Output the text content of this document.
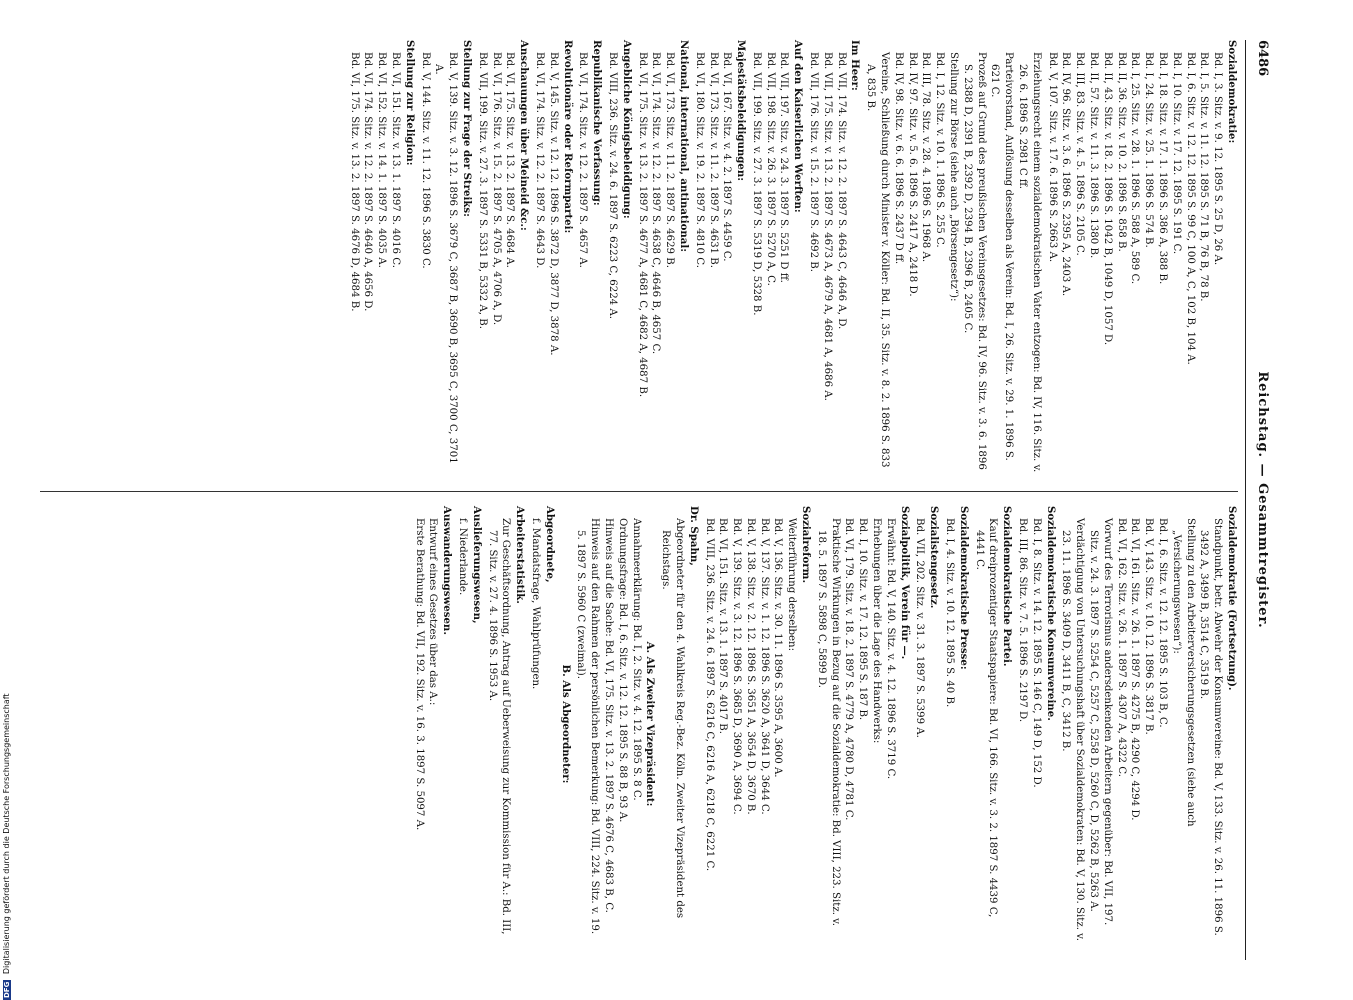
6486
Reichstag. — Gesammtregister.
Sozialdemokratie:
Bd. I, 3. Sitz. v. 9. 12. 1895 S. 25 D, 26 A.
Bd. I, 5. Sitz. v. 11. 12. 1895 S. 71 B, 76 B, 78 B.
Bd. I, 6. Sitz. v. 12. 12. 1895 S. 99 C, 100 A, C, 102 B, 104 A.
Bd. I, 10. Sitz. v. 17. 12. 1895 S. 191 C.
Bd. I, 18. Sitz. v. 17. 1. 1896 S. 386 A, 388 B.
Bd. I, 24. Sitz. v. 25. 1. 1896 S. 574 B.
Bd. I, 25. Sitz. v. 28. 1. 1896 S. 588 A, 589 C.
Bd. II, 36. Sitz. v. 10. 2. 1896 S. 858 B.
Bd. II, 43. Sitz. v. 18. 2. 1896 S. 1042 B, 1049 D, 1057 D.
Bd. II, 57. Sitz. v. 11. 3. 1896 S. 1380 B.
Bd. III, 83. Sitz. v. 4. 5. 1896 S. 2105 C.
Bd. IV, 96. Sitz. v. 3. 6. 1896 S. 2395 A, 2403 A.
Bd. V, 107. Sitz. v. 17. 6. 1896 S. 2663 A.
Erziehungsrecht einem sozialdemokratischen Vater entzogen: Bd. IV, 116. Sitz. v. 26. 6. 1896 S. 2981 C ff.
Parteivorstand, Auflösung desselben als Verein: Bd. I, 26. Sitz. v. 29. 1. 1896 S. 621 C.
Prozeß auf Grund des preußischen Vereinsgesetzes: Bd. IV, 96. Sitz. v. 3. 6. 1896 S. 2388 D, 2391 B, 2392 D, 2394 B, 2396 B, 2405 C.
Stellung zur Börse (siehe auch „Börsengesetz“):
Bd. I, 12. Sitz. v. 10. 1. 1896 S. 255 C.
Bd. III, 78. Sitz. v. 28. 4. 1896 S. 1968 A.
Bd. IV, 97. Sitz. v. 5. 6. 1896 S. 2417 A, 2418 D.
Bd. IV, 98. Sitz. v. 6. 6. 1896 S. 2437 D ff.
Vereine, Schließung durch Minister v. Köller: Bd. II, 35. Sitz. v. 8. 2. 1896 S. 833 A, 835 B.
Im Heer:
Bd. VII, 174. Sitz. v. 12. 2. 1897 S. 4643 C, 4646 A, D.
Bd. VII, 175. Sitz. v. 13. 2. 1897 S. 4673 A, 4679 A, 4681 A, 4686 A.
Bd. VII, 176. Sitz. v. 15. 2. 1897 S. 4692 B.
Auf den Kaiserlichen Werften:
Bd. VII, 197. Sitz. v. 24. 3. 1897 S. 5251 D ff.
Bd. VII, 198. Sitz. v. 26. 3. 1897 S. 5270 A, C.
Bd. VII, 199. Sitz. v. 27. 3. 1897 S. 5319 D, 5328 B.
Majestätsbeleidigungen:
Bd. VI, 167. Sitz. v. 4. 2. 1897 S. 4459 C.
Bd. VI, 173. Sitz. v. 11. 2. 1897 S. 4631 B.
Bd. VI, 180. Sitz. v. 19. 2. 1897 S. 4810 C.
National, international, antinational:
Bd. VI, 173. Sitz. v. 11. 2. 1897 S. 4629 B.
Bd. VI, 174. Sitz. v. 12. 2. 1897 S. 4638 C, 4646 B, 4657 C.
Bd. VI, 175. Sitz. v. 13. 2. 1897 S. 4677 A, 4681 C, 4682 A, 4687 B.
Angebliche Königsbeleidigung:
Bd. VIII, 236. Sitz. v. 24. 6. 1897 S. 6223 C, 6224 A.
Republikanische Verfassung:
Bd. VI, 174. Sitz. v. 12. 2. 1897 S. 4657 A.
Revolutionäre oder Reformpartei:
Bd. V, 145. Sitz. v. 12. 12. 1896 S. 3872 D, 3877 D, 3878 A.
Bd. VI, 174. Sitz. v. 12. 2. 1897 S. 4643 D.
Anschauungen über Meineid &c.:
Bd. VI, 175. Sitz. v. 13. 2. 1897 S. 4684 A.
Bd. VI, 176. Sitz. v. 15. 2. 1897 S. 4705 A, 4706 A, D.
Bd. VII, 199. Sitz. v. 27. 3. 1897 S. 5331 B, 5332 A, B.
Stellung zur Frage der Streiks:
Bd. V, 139. Sitz. v. 3. 12. 1896 S. 3679 C, 3687 B, 3690 B, 3695 C, 3700 C, 3701 A.
Bd. V, 144. Sitz. v. 11. 12. 1896 S. 3830 C.
Stellung zur Religion:
Bd. VI, 151. Sitz. v. 13. 1. 1897 S. 4016 C.
Bd. VI, 152. Sitz. v. 14. 1. 1897 S. 4035 A.
Bd. VI, 174. Sitz. v. 12. 2. 1897 S. 4640 A, 4656 D.
Bd. VI, 175. Sitz. v. 13. 2. 1897 S. 4676 D, 4684 B.
Sozialdemokratie (Fortsetzung).
Standpunkt, betr. Abwehr der Konsumvereine: Bd. V, 133. Sitz. v. 26. 11. 1896 S. 3492 A, 3499 B, 3514 C, 3519 B.
Stellung zu den Arbeiterversicherungsgesetzen (siehe auch „Versicherungswesen“):
Bd. I, 6. Sitz. v. 12. 12. 1895 S. 103 B, C.
Bd. V, 143. Sitz. v. 10. 12. 1896 S. 3817 B.
Bd. VI, 161. Sitz. v. 26. 1. 1897 S. 4275 B, 4290 C, 4294 D.
Bd. VI, 162. Sitz. v. 26. 1. 1897 S. 4307 A, 4322 C.
Vorwurf des Terrorismus andersdenkenden Arbeitern gegenüber: Bd. VII, 197. Sitz. v. 24. 3. 1897 S. 5254 C, 5257 C, 5258 D, 5260 C, D, 5262 B, 5263 A.
Verdächtigung von Untersuchungshaft über Sozialdemokraten: Bd. V, 130. Sitz. v. 23. 11. 1896 S. 3409 D, 3411 B, C, 3412 B.
Sozialdemokratische Konsumvereine.
Bd. I, 8. Sitz. v. 14. 12. 1895 S. 146 C, 149 D, 152 D.
Bd. III, 86. Sitz. v. 7. 5. 1896 S. 2197 D.
Sozialdemokratische Partei.
Kauf dreiprozentiger Staatspapiere: Bd. VI, 166. Sitz. v. 3. 2. 1897 S. 4439 C, 4441 C.
Sozialdemokratische Presse:
Bd. I, 4. Sitz. v. 10. 12. 1895 S. 40 B.
Sozialistengesetz.
Bd. VII, 202. Sitz. v. 31. 3. 1897 S. 5399 A.
Sozialpolitik, Verein für —.
Erwähnt: Bd. V, 140. Sitz. v. 4. 12. 1896 S. 3719 C.
Erhebungen über die Lage des Handwerks:
Bd. I, 10. Sitz. v. 17. 12. 1895 S. 187 B.
Bd. VI, 179. Sitz. v. 18. 2. 1897 S. 4779 A, 4780 D, 4781 C.
Praktische Wirkungen in Bezug auf die Sozialdemokratie: Bd. VIII, 223. Sitz. v. 18. 5. 1897 S. 5898 C, 5899 D.
Sozialreform.
Weiterführung derselben:
Bd. V, 136. Sitz. v. 30. 11. 1896 S. 3595 A, 3600 A.
Bd. V, 137. Sitz. v. 1. 12. 1896 S. 3620 A, 3641 D, 3644 C.
Bd. V, 138. Sitz. v. 2. 12. 1896 S. 3651 A, 3654 D, 3670 B.
Bd. V, 139. Sitz. v. 3. 12. 1896 S. 3685 D, 3690 A, 3694 C.
Bd. VI, 151. Sitz. v. 13. 1. 1897 S. 4017 B.
Bd. VIII, 236. Sitz. v. 24. 6. 1897 S. 6216 C, 6216 A, 6218 C, 6221 C.
Dr. Spahn,
Abgeordneter für den 4. Wahlkreis Reg.-Bez. Köln. Zweiter Vizepräsident des Reichstags.
A. Als Zweiter Vizepräsident:
Annahmeerklärung: Bd. I, 2. Sitz. v. 4. 12. 1895 S. 8 C.
Ordnungsfrage: Bd. I, 6. Sitz. v. 12. 12. 1895 S. 88 B, 93 A.
Hinweis auf die Sache: Bd. VI, 175. Sitz. v. 13. 2. 1897 S. 4676 C, 4683 B, C.
Hinweis auf den Rahmen der persönlichen Bemerkung: Bd. VIII, 224. Sitz. v. 19. 5. 1897 S. 5960 C (zweimal).
B. Als Abgeordneter:
Abgeordnete,
f. Mandatsfrage, Wahlprüfungen.
Arbeiterstatistik.
Zur Geschäftsordnung, Antrag auf Ueberweisung zur Kommission für A.: Bd. III, 77. Sitz. v. 27. 4. 1896 S. 1953 A.
Auslieferungswesen,
f. Niederlande.
Auswanderungswesen.
Entwurf eines Gesetzes über das A.:
Erste Berathung: Bd. VII, 192. Sitz. v. 16. 3. 1897 S. 5097 A.
DFG Digitalisierung gefördert durch die Deutsche Forschungsgemeinschaft
